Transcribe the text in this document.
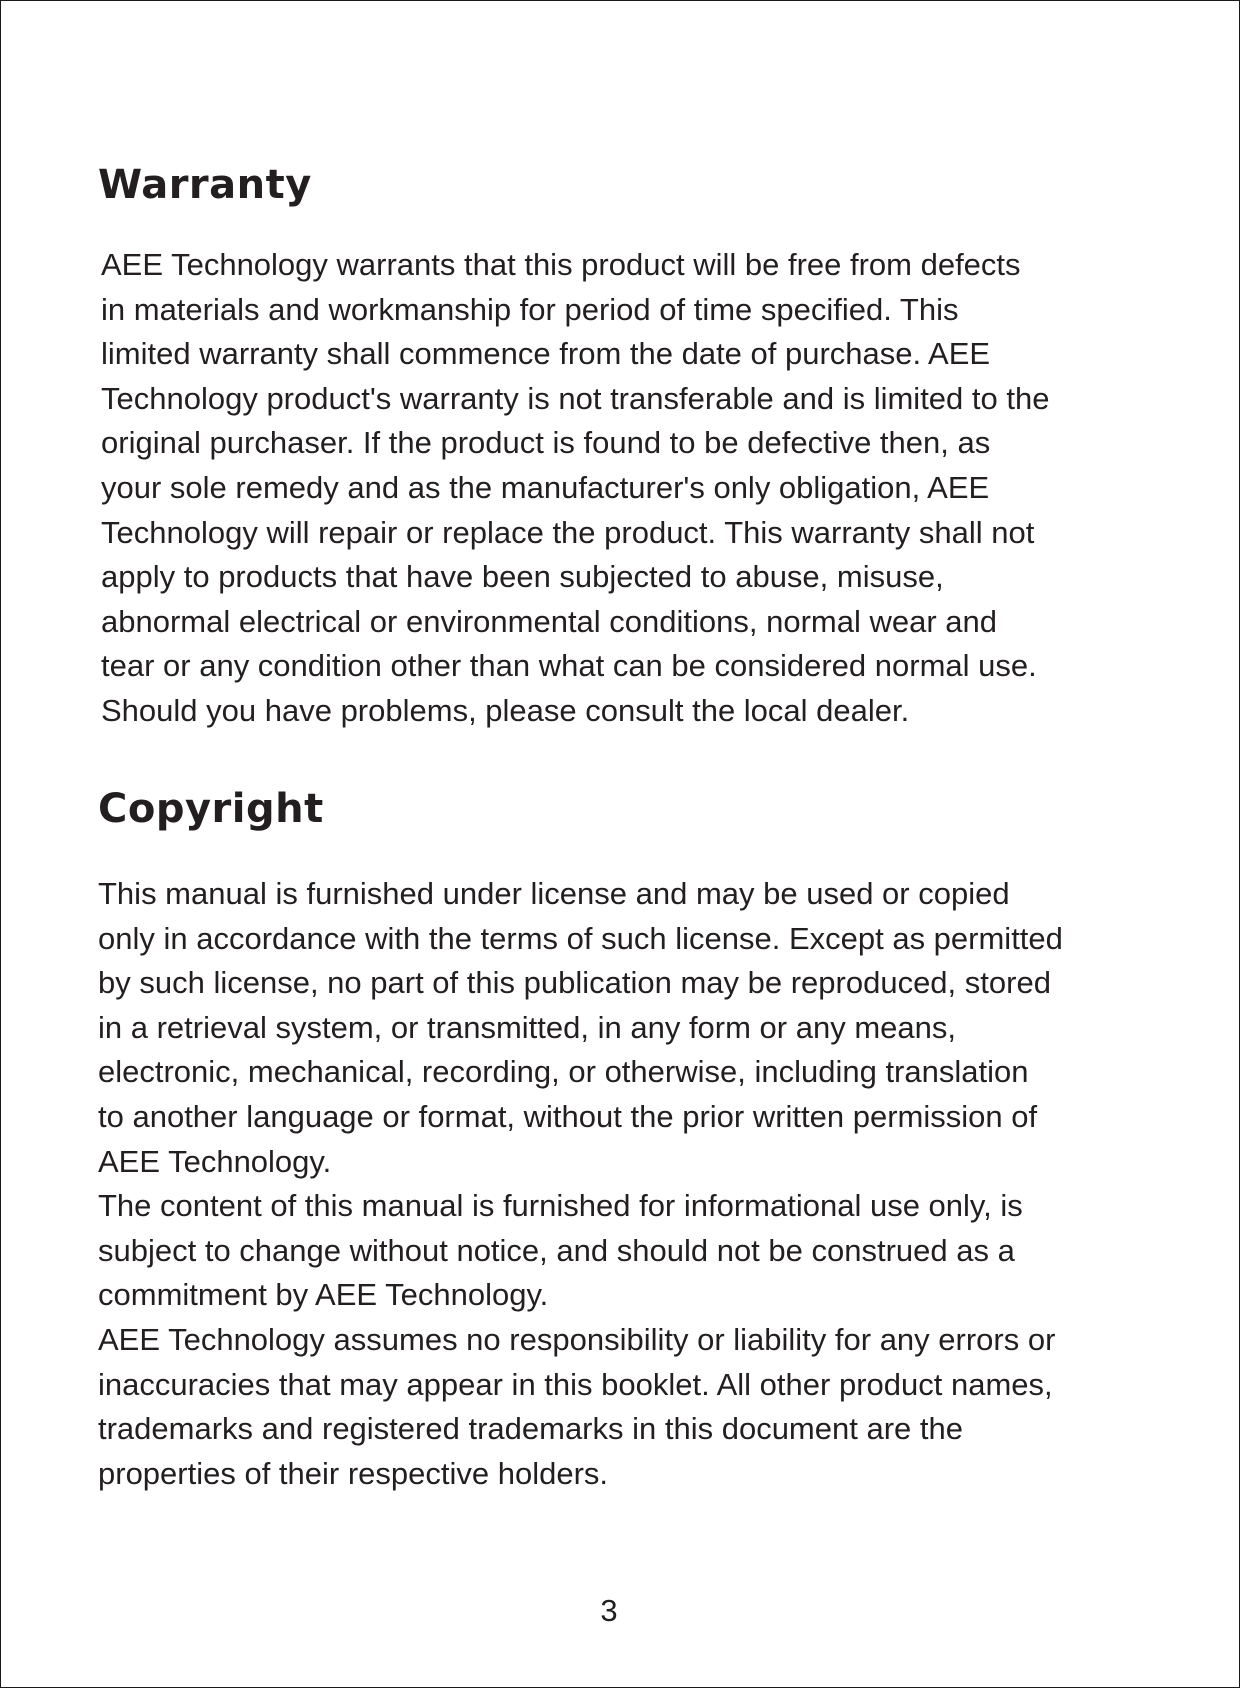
Warranty
AEE Technology warrants that this product will be free from defects
in materials and workmanship for period of time specified. This
limited warranty shall commence from the date of purchase. AEE
Technology product's warranty is not transferable and is limited to the
original purchaser. If the product is found to be defective then, as
your sole remedy and as the manufacturer's only obligation, AEE
Technology will repair or replace the product. This warranty shall not
apply to products that have been subjected to abuse, misuse,
abnormal electrical or environmental conditions, normal wear and
tear or any condition other than what can be considered normal use.
Should you have problems, please consult the local dealer.
Copyright
This manual is furnished under license and may be used or copied
only in accordance with the terms of such license. Except as permitted
by such license, no part of this publication may be reproduced, stored
in a retrieval system, or transmitted, in any form or any means,
electronic, mechanical, recording, or otherwise, including translation
to another language or format, without the prior written permission of
AEE Technology.
The content of this manual is furnished for informational use only, is
subject to change without notice, and should not be construed as a
commitment by AEE Technology.
AEE Technology assumes no responsibility or liability for any errors or
inaccuracies that may appear in this booklet. All other product names,
trademarks and registered trademarks in this document are the
properties of their respective holders.
3
